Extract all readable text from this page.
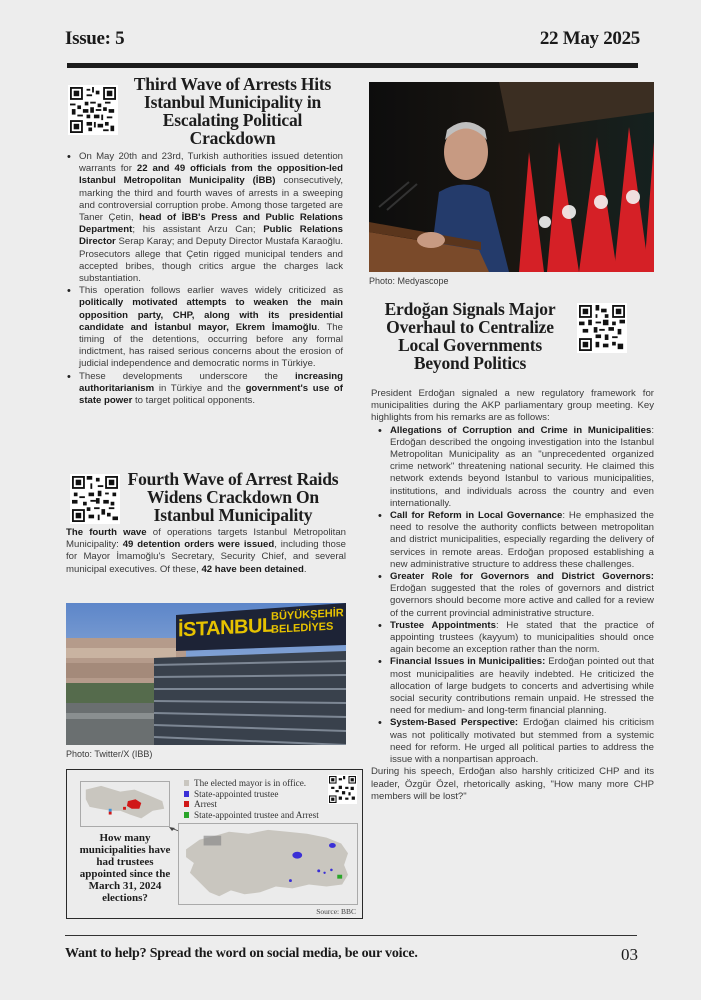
Issue: 5	22 May 2025
Third Wave of Arrests Hits Istanbul Municipality in Escalating Political Crackdown
• On May 20th and 23rd, Turkish authorities issued detention warrants for 22 and 49 officials from the opposition-led Istanbul Metropolitan Municipality (İBB) consecutively, marking the third and fourth waves of arrests in a sweeping and controversial corruption probe. Among those targeted are Taner Çetin, head of İBB's Press and Public Relations Department; his assistant Arzu Can; Public Relations Director Serap Karay; and Deputy Director Mustafa Karaoğlu. Prosecutors allege that Çetin rigged municipal tenders and accepted bribes, though critics argue the charges lack substantiation.
• This operation follows earlier waves widely criticized as politically motivated attempts to weaken the main opposition party, CHP, along with its presidential candidate and İstanbul mayor, Ekrem İmamoğlu. The timing of the detentions, occurring before any formal indictment, has raised serious concerns about the erosion of judicial independence and democratic norms in Türkiye.
• These developments underscore the increasing authoritarianism in Türkiye and the government's use of state power to target political opponents.
Fourth Wave of Arrest Raids Widens Crackdown On Istanbul Municipality

The fourth wave of operations targets Istanbul Metropolitan Municipality: 49 detention orders were issued, including those for Mayor İmamoğlu's Secretary, Security Chief, and several municipal executives. Of these, 42 have been detained.

İSTANBUL
BÜYÜKŞEHİR
BELEDİYES
Photo: Twitter/X (IBB)
The elected mayor is in office.
State-appointed trustee
Arrest
State-appointed trustee and Arrest
How many municipalities have had trustees appointed since the March 31, 2024 elections?
Source: BBC
Photo: Medyascope
Erdoğan Signals Major Overhaul to Centralize Local Governments Beyond Politics

President Erdoğan signaled a new regulatory framework for municipalities during the AKP parliamentary group meeting. Key highlights from his remarks are as follows:

• Allegations of Corruption and Crime in Municipalities: Erdoğan described the ongoing investigation into the Istanbul Metropolitan Municipality as an "unprecedented organized crime network" threatening national security. He claimed this network extends beyond Istanbul to various municipalities, institutions, and individuals across the country and even internationally.
• Call for Reform in Local Governance: He emphasized the need to resolve the authority conflicts between metropolitan and district municipalities, especially regarding the delivery of services in remote areas. Erdoğan proposed establishing a new administrative structure to address these challenges.
• Greater Role for Governors and District Governors: Erdoğan suggested that the roles of governors and district governors should become more active and called for a review of the current provincial administrative structure.
• Trustee Appointments: He stated that the practice of appointing trustees (kayyum) to municipalities should once again become an exception rather than the norm.
• Financial Issues in Municipalities: Erdoğan pointed out that most municipalities are heavily indebted. He criticized the allocation of large budgets to concerts and advertising while social security contributions remain unpaid. He stressed the need for medium- and long-term financial planning.
• System-Based Perspective: Erdoğan claimed his criticism was not politically motivated but stemmed from a systemic need for reform. He urged all political parties to address the issue with a nonpartisan approach.

During his speech, Erdoğan also harshly criticized CHP and its leader, Özgür Özel, rhetorically asking, "How many more CHP members will be lost?"

Want to help? Spread the word on social media, be our voice.	03
